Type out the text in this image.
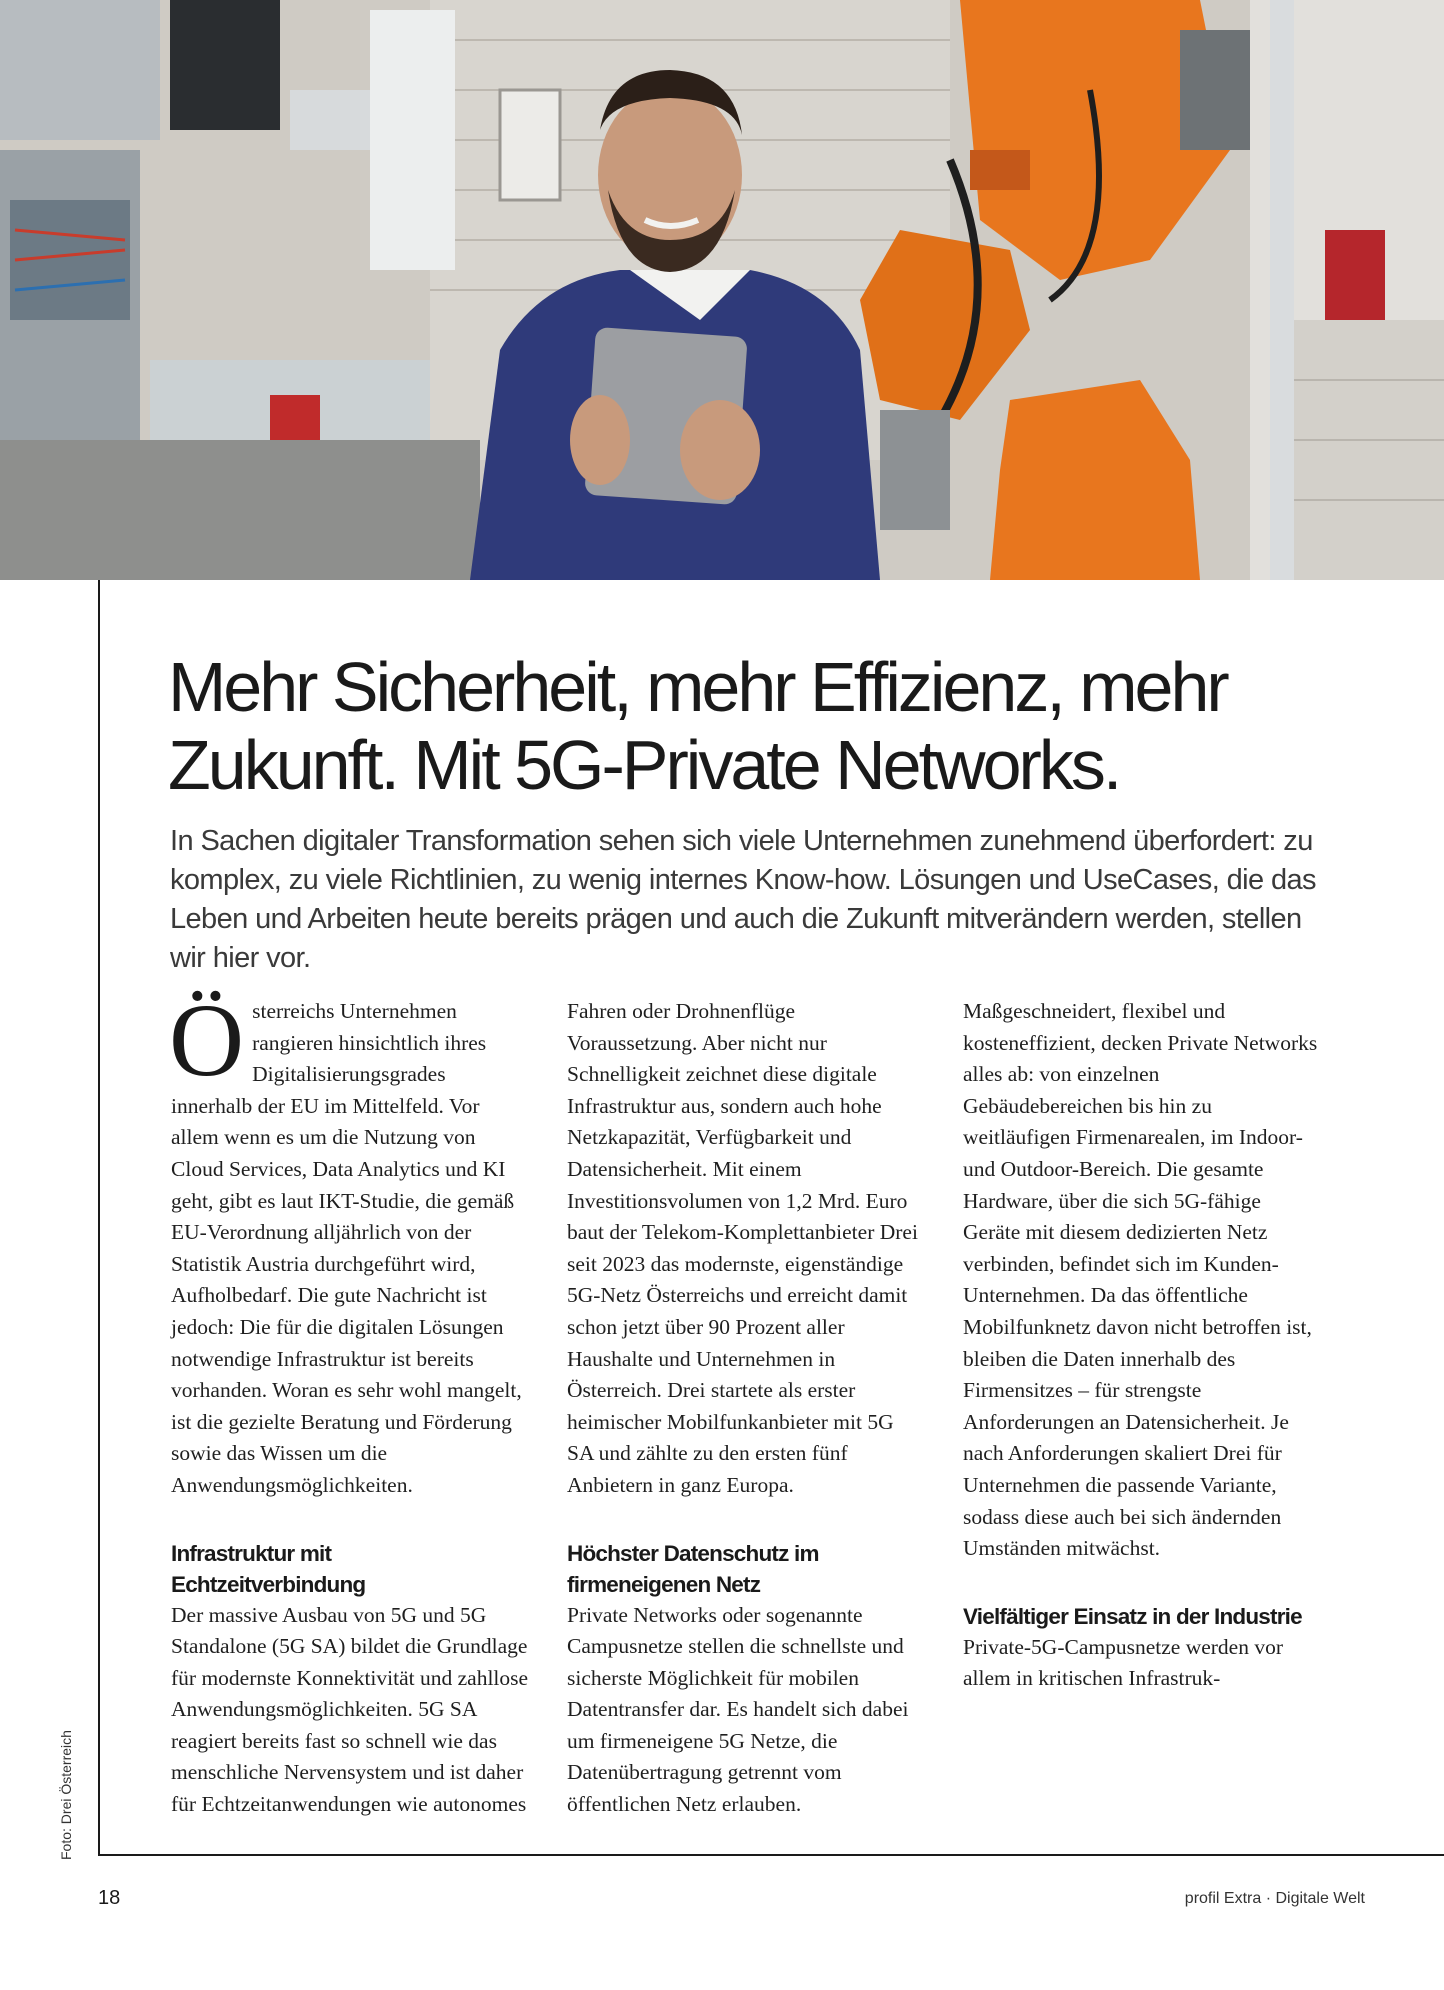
Mehr Sicherheit, mehr Effizienz, mehr Zukunft. Mit 5G-Private Networks.

In Sachen digitaler Transformation sehen sich viele Unternehmen zunehmend überfordert: zu komplex, zu viele Richtlinien, zu wenig internes Know-how. Lösungen und UseCases, die das Leben und Arbeiten heute bereits prägen und auch die Zukunft mitverändern werden, stellen wir hier vor.

Österreichs Unternehmen rangieren hinsichtlich ihres Digitalisierungsgrades innerhalb der EU im Mittelfeld. Vor allem wenn es um die Nutzung von Cloud Services, Data Analytics und KI geht, gibt es laut IKT-Studie, die gemäß EU-Verordnung alljährlich von der Statistik Austria durchgeführt wird, Aufholbedarf. Die gute Nachricht ist jedoch: Die für die digitalen Lösungen notwendige Infrastruktur ist bereits vorhanden. Woran es sehr wohl mangelt, ist die gezielte Beratung und Förderung sowie das Wissen um die Anwendungsmöglichkeiten.

Infrastruktur mit Echtzeitverbindung

Der massive Ausbau von 5G und 5G Standalone (5G SA) bildet die Grundlage für modernste Konnektivität und zahllose Anwendungsmöglichkeiten. 5G SA reagiert bereits fast so schnell wie das menschliche Nervensystem und ist daher für Echtzeitanwendungen wie autonomes

Fahren oder Drohnenflüge Voraussetzung. Aber nicht nur Schnelligkeit zeichnet diese digitale Infrastruktur aus, sondern auch hohe Netzkapazität, Verfügbarkeit und Datensicherheit. Mit einem Investitionsvolumen von 1,2 Mrd. Euro baut der Telekom-Komplettanbieter Drei seit 2023 das modernste, eigenständige 5G-Netz Österreichs und erreicht damit schon jetzt über 90 Prozent aller Haushalte und Unternehmen in Österreich. Drei startete als erster heimischer Mobilfunkanbieter mit 5G SA und zählte zu den ersten fünf Anbietern in ganz Europa.

Höchster Datenschutz im firmeneigenen Netz

Private Networks oder sogenannte Campusnetze stellen die schnellste und sicherste Möglichkeit für mobilen Datentransfer dar. Es handelt sich dabei um firmeneigene 5G Netze, die Datenübertragung getrennt vom öffentlichen Netz erlauben.

Maßgeschneidert, flexibel und kosteneffizient, decken Private Networks alles ab: von einzelnen Gebäudebereichen bis hin zu weitläufigen Firmenarealen, im Indoor- und Outdoor-Bereich. Die gesamte Hardware, über die sich 5G-fähige Geräte mit diesem dedizierten Netz verbinden, befindet sich im Kunden-Unternehmen. Da das öffentliche Mobilfunknetz davon nicht betroffen ist, bleiben die Daten innerhalb des Firmensitzes – für strengste Anforderungen an Datensicherheit. Je nach Anforderungen skaliert Drei für Unternehmen die passende Variante, sodass diese auch bei sich ändernden Umständen mitwächst.

Vielfältiger Einsatz in der Industrie

Private-5G-Campusnetze werden vor allem in kritischen Infrastruk-

Foto: Drei Österreich
18	profil Extra · Digitale Welt
